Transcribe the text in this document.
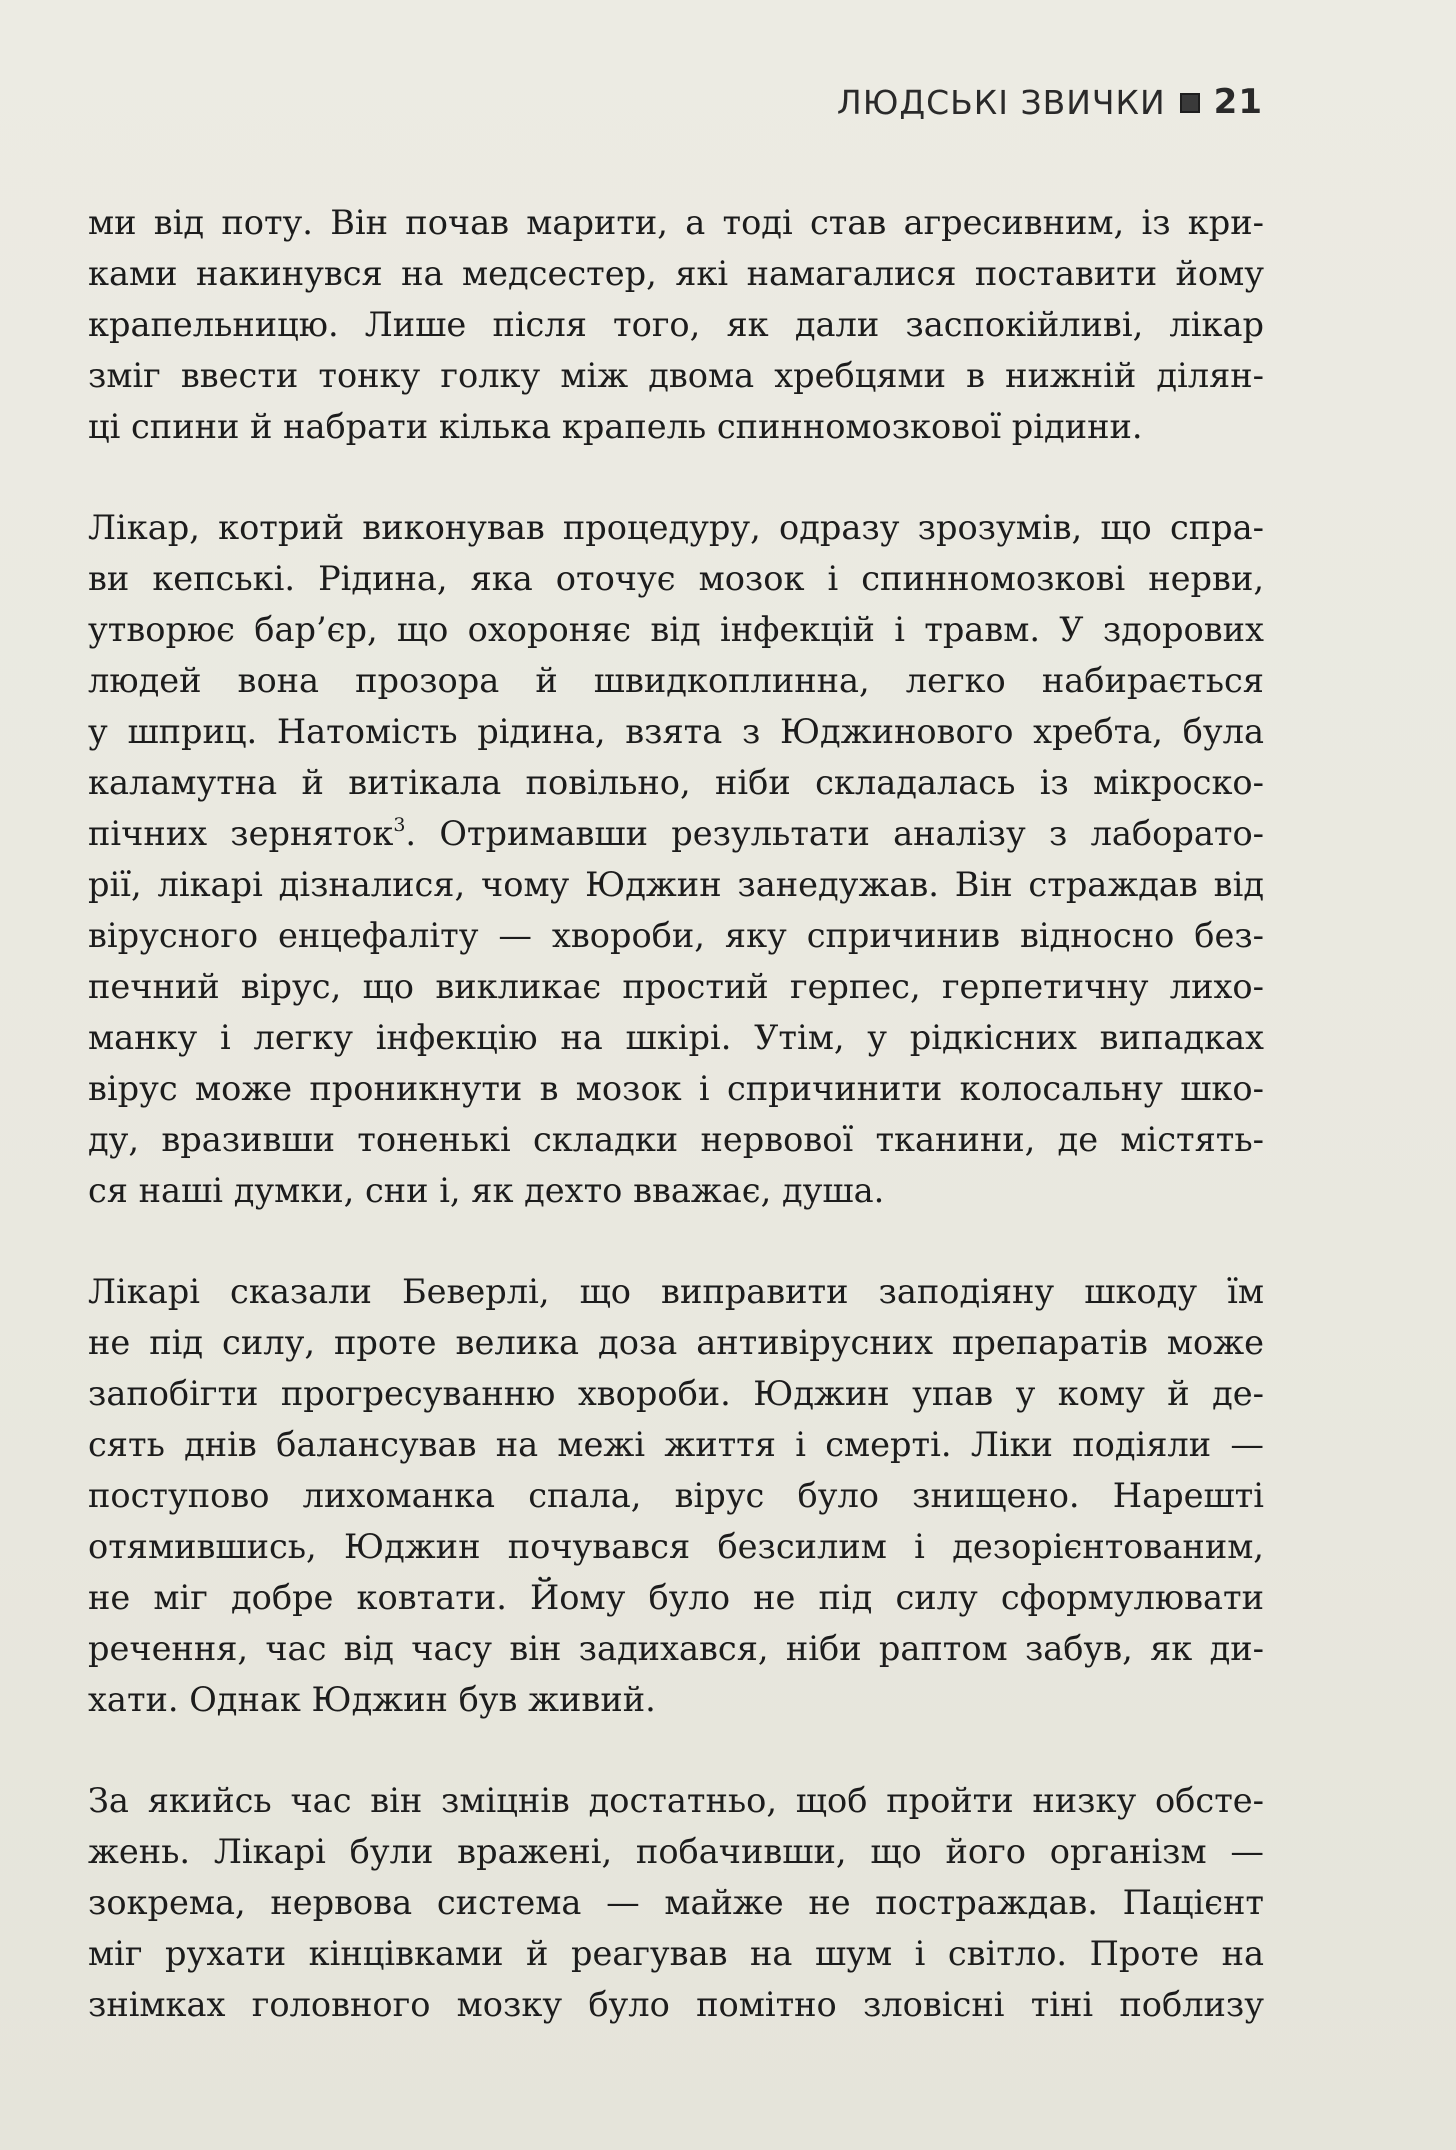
ЛЮДСЬКІ ЗВИЧКИ 21
ми від поту. Він почав марити, а тоді став агресивним, із кри-
ками накинувся на медсестер, які намагалися поставити йому
крапельницю. Лише після того, як дали заспокійливі, лікар
зміг ввести тонку голку між двома хребцями в нижній ділян-
ці спини й набрати кілька крапель спинномозкової рідини.
Лікар, котрий виконував процедуру, одразу зрозумів, що спра-
ви кепські. Рідина, яка оточує мозок і спинномозкові нерви,
утворює бар’єр, що охороняє від інфекцій і травм. У здорових
людей вона прозора й швидкоплинна, легко набирається
у шприц. Натомість рідина, взята з Юджинового хребта, була
каламутна й витікала повільно, ніби складалась із мікроско-
пічних зерняток$^3$. Отримавши результати аналізу з лаборато-
рії, лікарі дізналися, чому Юджин занедужав. Він страждав від
вірусного енцефаліту — хвороби, яку спричинив відносно без-
печний вірус, що викликає простий герпес, герпетичну лихо-
манку і легку інфекцію на шкірі. Утім, у рідкісних випадках
вірус може проникнути в мозок і спричинити колосальну шко-
ду, вразивши тоненькі складки нервової тканини, де містять-
ся наші думки, сни і, як дехто вважає, душа.
Лікарі сказали Беверлі, що виправити заподіяну шкоду їм
не під силу, проте велика доза антивірусних препаратів може
запобігти прогресуванню хвороби. Юджин упав у кому й де-
сять днів балансував на межі життя і смерті. Ліки подіяли —
поступово лихоманка спала, вірус було знищено. Нарешті
отямившись, Юджин почувався безсилим і дезорієнтованим,
не міг добре ковтати. Йому було не під силу сформулювати
речення, час від часу він задихався, ніби раптом забув, як ди-
хати. Однак Юджин був живий.
За якийсь час він зміцнів достатньо, щоб пройти низку обсте-
жень. Лікарі були вражені, побачивши, що його організм —
зокрема, нервова система — майже не постраждав. Пацієнт
міг рухати кінцівками й реагував на шум і світло. Проте на
знімках головного мозку було помітно зловісні тіні поблизу
